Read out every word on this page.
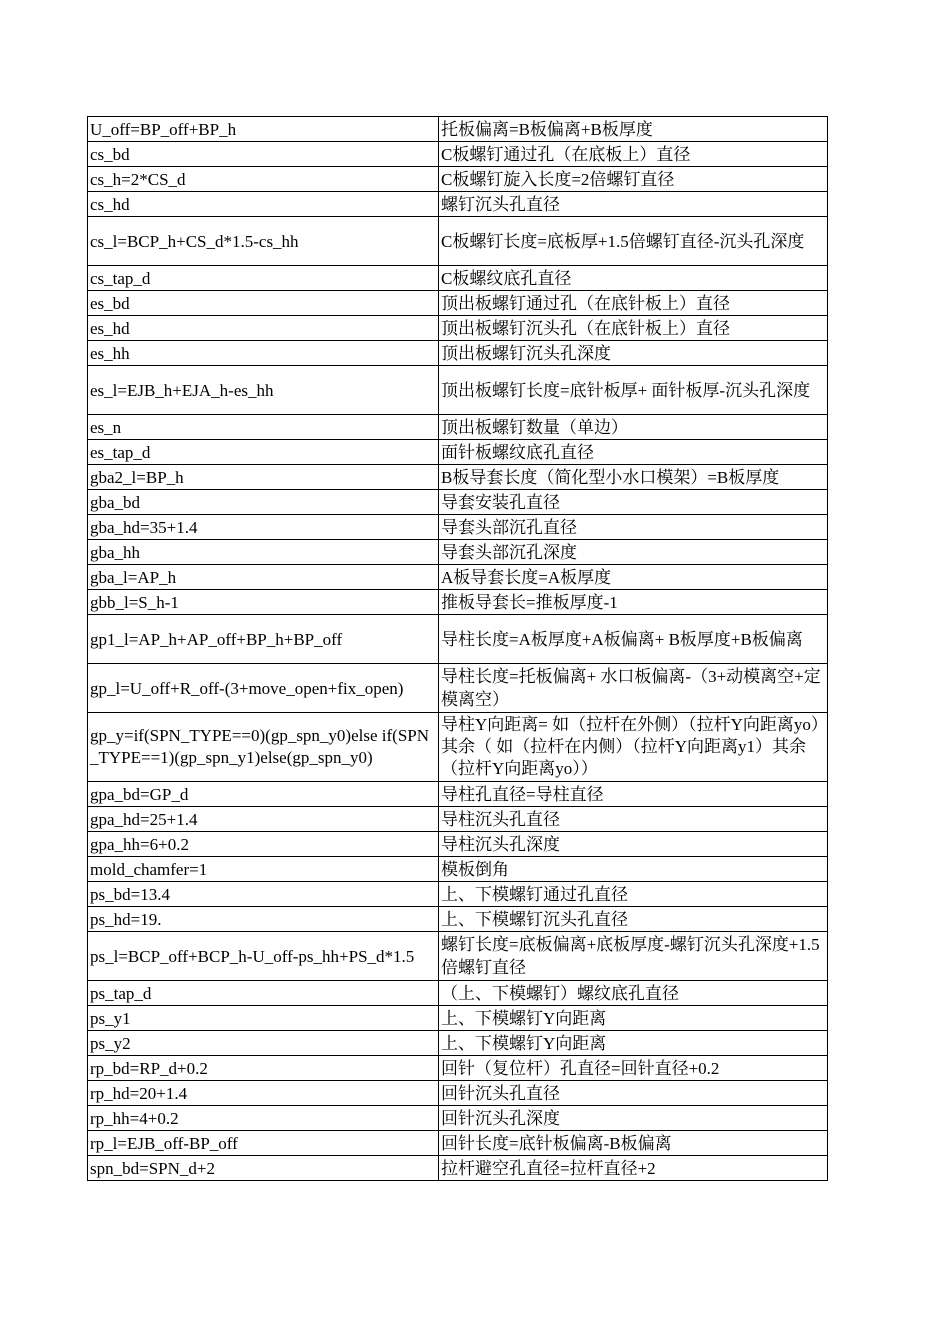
U_off=BP_off+BP_h	托板偏离=B板偏离+B板厚度
cs_bd	C板螺钉通过孔（在底板上）直径
cs_h=2*CS_d	C板螺钉旋入长度=2倍螺钉直径
cs_hd	螺钉沉头孔直径
cs_l=BCP_h+CS_d*1.5-cs_hh	C板螺钉长度=底板厚+1.5倍螺钉直径-沉头孔深度
cs_tap_d	C板螺纹底孔直径
es_bd	顶出板螺钉通过孔（在底针板上）直径
es_hd	顶出板螺钉沉头孔（在底针板上）直径
es_hh	顶出板螺钉沉头孔深度
es_l=EJB_h+EJA_h-es_hh	顶出板螺钉长度=底针板厚+ 面针板厚-沉头孔深度
es_n	顶出板螺钉数量（单边）
es_tap_d	面针板螺纹底孔直径
gba2_l=BP_h	B板导套长度（简化型小水口模架）=B板厚度
gba_bd	导套安装孔直径
gba_hd=35+1.4	导套头部沉孔直径
gba_hh	导套头部沉孔深度
gba_l=AP_h	A板导套长度=A板厚度
gbb_l=S_h-1	推板导套长=推板厚度-1
gp1_l=AP_h+AP_off+BP_h+BP_off	导柱长度=A板厚度+A板偏离+ B板厚度+B板偏离
gp_l=U_off+R_off-(3+move_open+fix_open)	导柱长度=托板偏离+ 水口板偏离-（3+动模离空+定模离空）
gp_y=if(SPN_TYPE==0)(gp_spn_y0)else if(SPN_TYPE==1)(gp_spn_y1)else(gp_spn_y0)	导柱Y向距离= 如（拉杆在外侧）（拉杆Y向距离yo）其余（ 如（拉杆在内侧）（拉杆Y向距离y1）其余（拉杆Y向距离yo））
gpa_bd=GP_d	导柱孔直径=导柱直径
gpa_hd=25+1.4	导柱沉头孔直径
gpa_hh=6+0.2	导柱沉头孔深度
mold_chamfer=1	模板倒角
ps_bd=13.4	上、下模螺钉通过孔直径
ps_hd=19.	上、下模螺钉沉头孔直径
ps_l=BCP_off+BCP_h-U_off-ps_hh+PS_d*1.5	螺钉长度=底板偏离+底板厚度-螺钉沉头孔深度+1.5倍螺钉直径
ps_tap_d	（上、下模螺钉）螺纹底孔直径
ps_y1	上、下模螺钉Y向距离
ps_y2	上、下模螺钉Y向距离
rp_bd=RP_d+0.2	回针（复位杆）孔直径=回针直径+0.2
rp_hd=20+1.4	回针沉头孔直径
rp_hh=4+0.2	回针沉头孔深度
rp_l=EJB_off-BP_off	回针长度=底针板偏离-B板偏离
spn_bd=SPN_d+2	拉杆避空孔直径=拉杆直径+2
